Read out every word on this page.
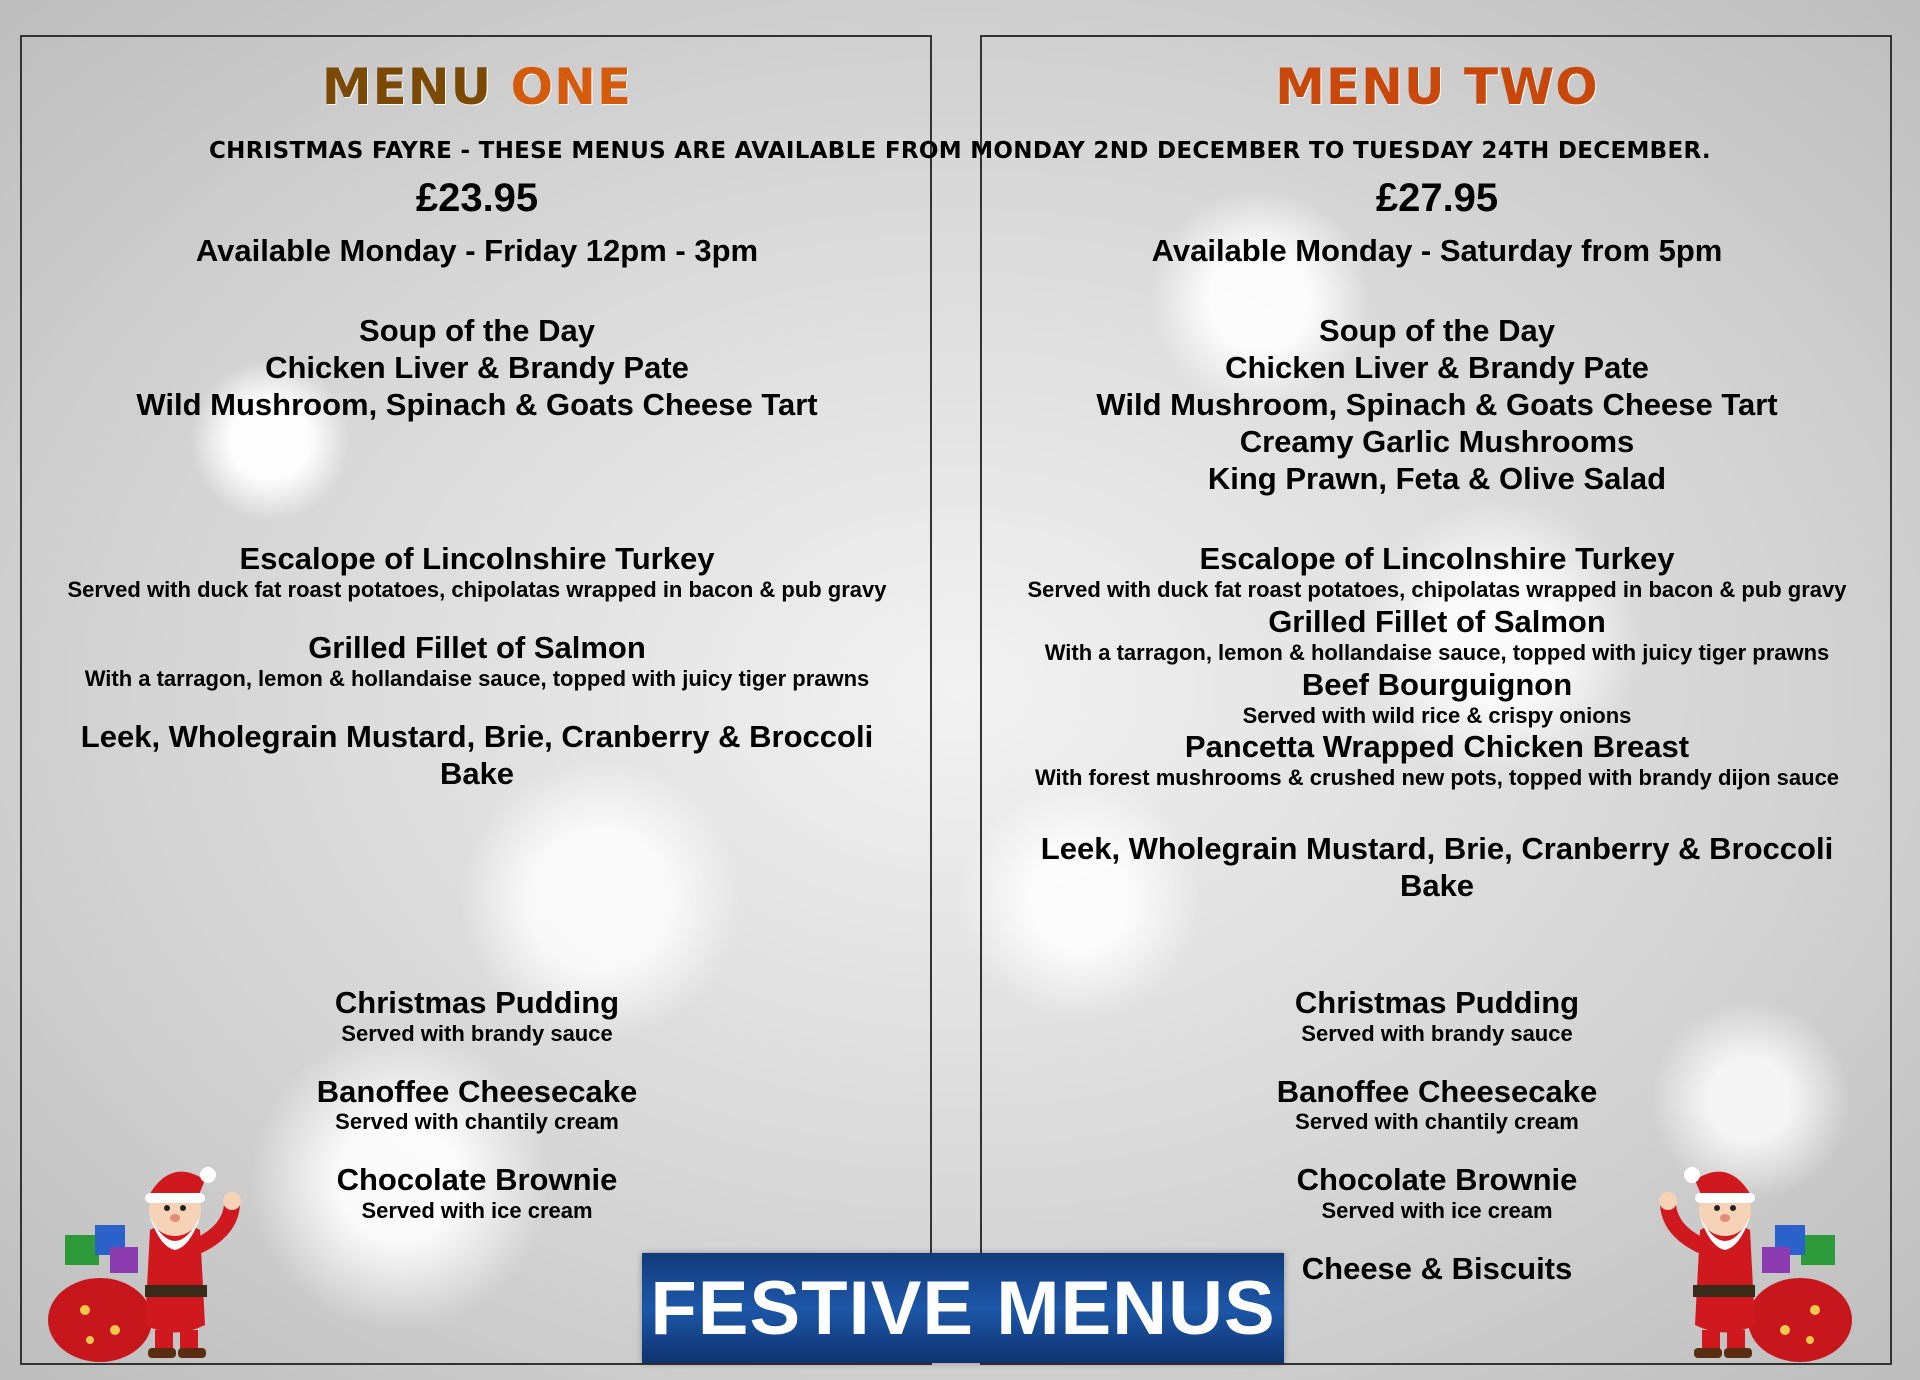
MENU ONE	MENU TWO
CHRISTMAS FAYRE - THESE MENUS ARE AVAILABLE FROM MONDAY 2ND DECEMBER TO TUESDAY 24TH DECEMBER.
£23.95	£27.95
Available Monday - Friday 12pm - 3pm	Available Monday - Saturday from 5pm
Soup of the Day
Chicken Liver & Brandy Pate
Wild Mushroom, Spinach & Goats Cheese Tart
Escalope of Lincolnshire Turkey
Served with duck fat roast potatoes, chipolatas wrapped in bacon & pub gravy
Grilled Fillet of Salmon
With a tarragon, lemon & hollandaise sauce, topped with juicy tiger prawns
Leek, Wholegrain Mustard, Brie, Cranberry & Broccoli
Bake
Christmas Pudding
Served with brandy sauce
Banoffee Cheesecake
Served with chantily cream
Chocolate Brownie
Served with ice cream
Soup of the Day
Chicken Liver & Brandy Pate
Wild Mushroom, Spinach & Goats Cheese Tart
Creamy Garlic Mushrooms
King Prawn, Feta & Olive Salad
Escalope of Lincolnshire Turkey
Served with duck fat roast potatoes, chipolatas wrapped in bacon & pub gravy
Grilled Fillet of Salmon
With a tarragon, lemon & hollandaise sauce, topped with juicy tiger prawns
Beef Bourguignon
Served with wild rice & crispy onions
Pancetta Wrapped Chicken Breast
With forest mushrooms & crushed new pots, topped with brandy dijon sauce
Leek, Wholegrain Mustard, Brie, Cranberry & Broccoli
Bake
Christmas Pudding
Served with brandy sauce
Banoffee Cheesecake
Served with chantily cream
Chocolate Brownie
Served with ice cream
Cheese & Biscuits
FESTIVE MENUS
